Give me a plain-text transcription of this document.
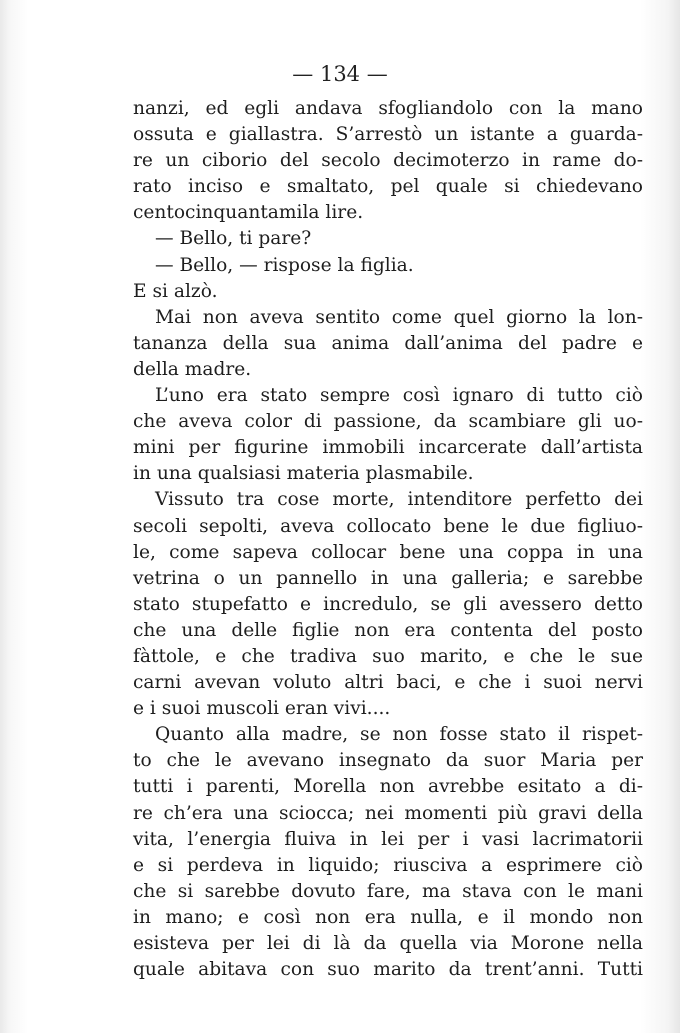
— 134 —
nanzi, ed egli andava sfogliandolo con la mano
ossuta e giallastra. S’arrestò un istante a guarda-
re un ciborio del secolo decimoterzo in rame do-
rato inciso e smaltato, pel quale si chiedevano
centocinquantamila lire.
— Bello, ti pare?
— Bello, — rispose la figlia.
E si alzò.
Mai non aveva sentito come quel giorno la lon-
tananza della sua anima dall’anima del padre e
della madre.
L’uno era stato sempre così ignaro di tutto ciò
che aveva color di passione, da scambiare gli uo-
mini per figurine immobili incarcerate dall’artista
in una qualsiasi materia plasmabile.
Vissuto tra cose morte, intenditore perfetto dei
secoli sepolti, aveva collocato bene le due figliuo-
le, come sapeva collocar bene una coppa in una
vetrina o un pannello in una galleria; e sarebbe
stato stupefatto e incredulo, se gli avessero detto
che una delle figlie non era contenta del posto
fàttole, e che tradiva suo marito, e che le sue
carni avevan voluto altri baci, e che i suoi nervi
e i suoi muscoli eran vivi....
Quanto alla madre, se non fosse stato il rispet-
to che le avevano insegnato da suor Maria per
tutti i parenti, Morella non avrebbe esitato a di-
re ch’era una sciocca; nei momenti più gravi della
vita, l’energia fluiva in lei per i vasi lacrimatorii
e si perdeva in liquido; riusciva a esprimere ciò
che si sarebbe dovuto fare, ma stava con le mani
in mano; e così non era nulla, e il mondo non
esisteva per lei di là da quella via Morone nella
quale abitava con suo marito da trent’anni. Tutti
